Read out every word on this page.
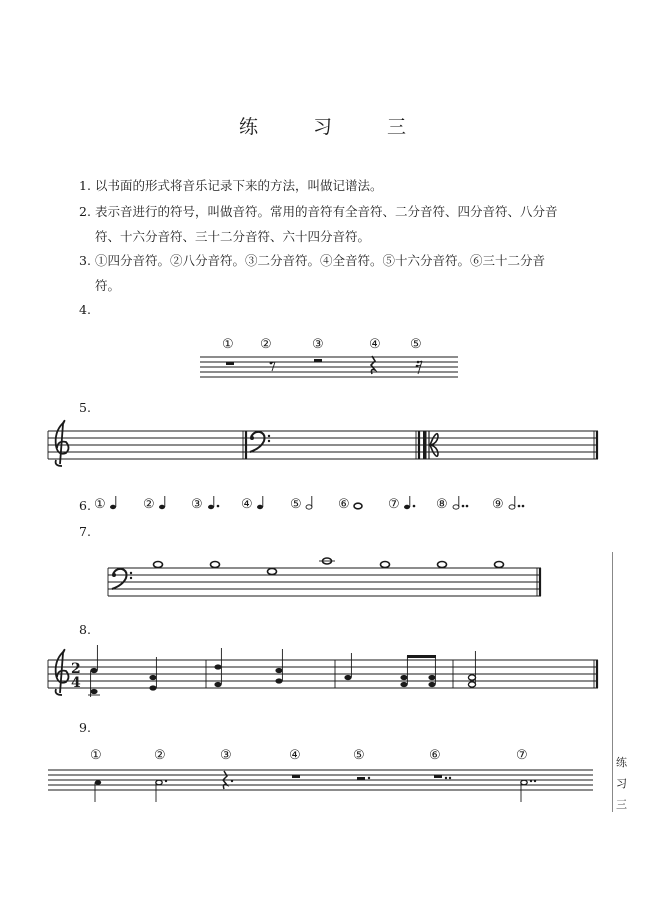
练　习　三
1. 以书面的形式将音乐记录下来的方法，叫做记谱法。
2. 表示音进行的符号，叫做音符。常用的音符有全音符、二分音符、四分音符、八分音
符、十六分音符、三十二分音符、六十四分音符。
3. ①四分音符。②八分音符。③二分音符。④全音符。⑤十六分音符。⑥三十二分音
符。
4.
5.
6.
7.
8.
9.
① ②	③	④ ⑤
①	②	③	④	⑤	⑥	⑦	⑧	⑨
①	②	③	④	⑤	⑥	⑦
2
4
练
习
三
